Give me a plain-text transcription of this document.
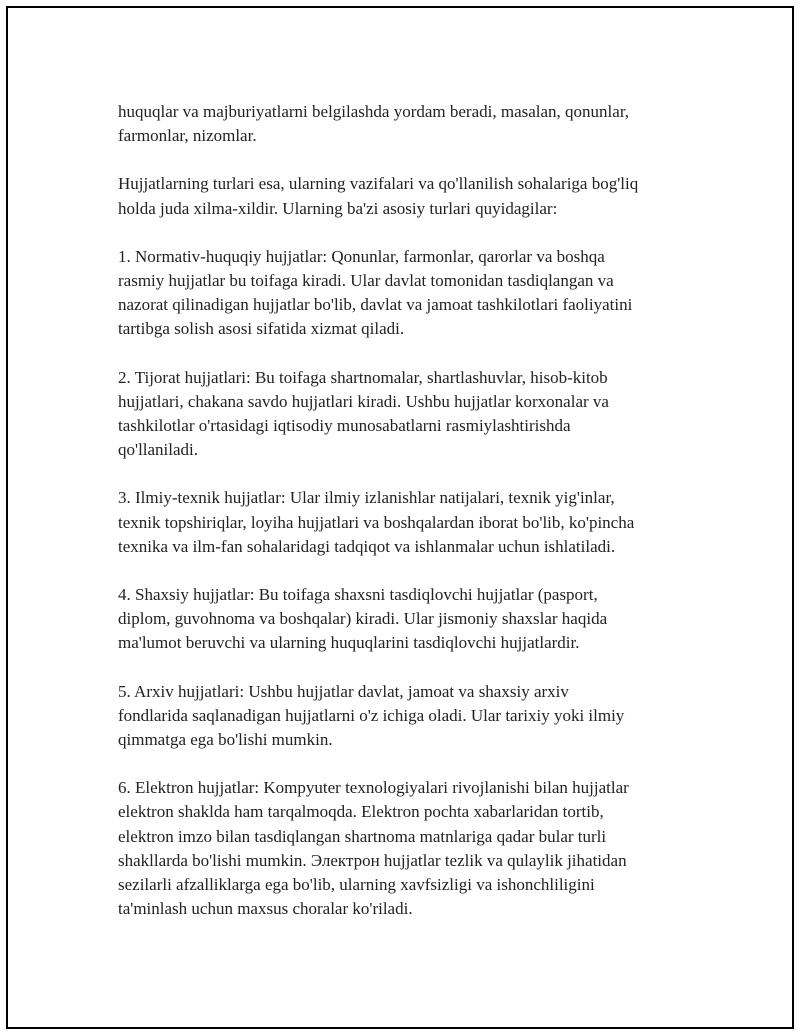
huquqlar va majburiyatlarni belgilashda yordam beradi, masalan, qonunlar,
farmonlar, nizomlar.

Hujjatlarning turlari esa, ularning vazifalari va qo'llanilish sohalariga bog'liq
holda juda xilma-xildir. Ularning ba'zi asosiy turlari quyidagilar:

1. Normativ-huquqiy hujjatlar: Qonunlar, farmonlar, qarorlar va boshqa
rasmiy hujjatlar bu toifaga kiradi. Ular davlat tomonidan tasdiqlangan va
nazorat qilinadigan hujjatlar bo'lib, davlat va jamoat tashkilotlari faoliyatini
tartibga solish asosi sifatida xizmat qiladi.

2. Tijorat hujjatlari: Bu toifaga shartnomalar, shartlashuvlar, hisob-kitob
hujjatlari, chakana savdo hujjatlari kiradi. Ushbu hujjatlar korxonalar va
tashkilotlar o'rtasidagi iqtisodiy munosabatlarni rasmiylashtirishda
qo'llaniladi.

3. Ilmiy-texnik hujjatlar: Ular ilmiy izlanishlar natijalari, texnik yig'inlar,
texnik topshiriqlar, loyiha hujjatlari va boshqalardan iborat bo'lib, ko'pincha
texnika va ilm-fan sohalaridagi tadqiqot va ishlanmalar uchun ishlatiladi.

4. Shaxsiy hujjatlar: Bu toifaga shaxsni tasdiqlovchi hujjatlar (pasport,
diplom, guvohnoma va boshqalar) kiradi. Ular jismoniy shaxslar haqida
ma'lumot beruvchi va ularning huquqlarini tasdiqlovchi hujjatlardir.

5. Arxiv hujjatlari: Ushbu hujjatlar davlat, jamoat va shaxsiy arxiv
fondlarida saqlanadigan hujjatlarni o'z ichiga oladi. Ular tarixiy yoki ilmiy
qimmatga ega bo'lishi mumkin.

6. Elektron hujjatlar: Kompyuter texnologiyalari rivojlanishi bilan hujjatlar
elektron shaklda ham tarqalmoqda. Elektron pochta xabarlaridan tortib,
elektron imzo bilan tasdiqlangan shartnoma matnlariga qadar bular turli
shakllarda bo'lishi mumkin. Электрон hujjatlar tezlik va qulaylik jihatidan
sezilarli afzalliklarga ega bo'lib, ularning xavfsizligi va ishonchliligini
ta'minlash uchun maxsus choralar ko'riladi.
